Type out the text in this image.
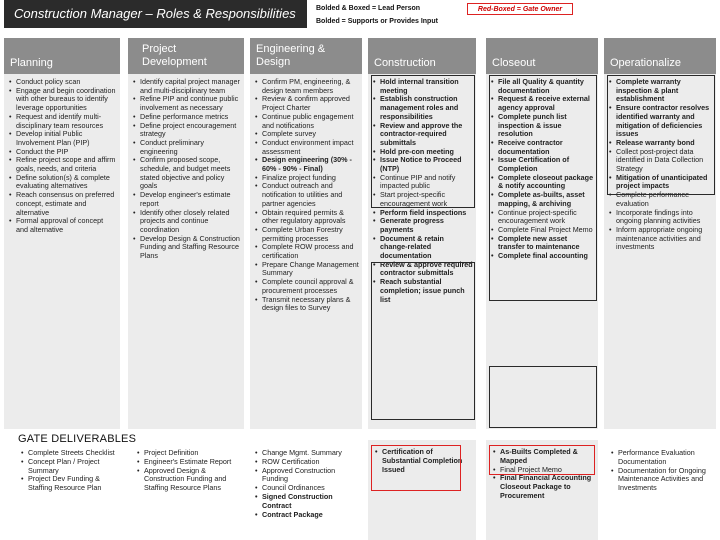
Construction Manager – Roles & Responsibilities	Bolded & Boxed = Lead Person
Bolded = Supports or Provides Input
Red-Boxed = Gate Owner
Planning
• Conduct policy scan
• Engage and begin coordination with other bureaus to identify leverage opportunities
• Request and identify multi-disciplinary team resources
• Develop initial Public Involvement Plan (PIP)
• Conduct the PIP
• Refine project scope and affirm goals, needs, and criteria
• Define solution(s) & complete evaluating alternatives
• Reach consensus on preferred concept, estimate and alternative
• Formal approval of concept and alternative
Project Development
• Identify capital project manager and multi-disciplinary team
• Refine PIP and continue public involvement as necessary
• Define performance metrics
• Define project encouragement strategy
• Conduct preliminary engineering
• Confirm proposed scope, schedule, and budget meets stated objective and policy goals
• Develop engineer's estimate report
• Identify other closely related projects and continue coordination
• Develop Design & Construction Funding and Staffing Resource Plans
Engineering & Design
• Confirm PM, engineering, & design team members
• Review & confirm approved Project Charter
• Continue public engagement and notifications
• Complete survey
• Conduct environment impact assessment
• Design engineering (30% - 60% - 90% - Final)
• Finalize project funding
• Conduct outreach and notification to utilities and partner agencies
• Obtain required permits & other regulatory approvals
• Complete Urban Forestry permitting processes
• Complete ROW process and certification
• Prepare Change Management Summary
• Complete council approval & procurement processes
• Transmit necessary plans & design files to Survey
Construction
• Hold internal transition meeting
• Establish construction management roles and responsibilities
• Review and approve the contractor-required submittals
• Hold pre-con meeting
• Issue Notice to Proceed (NTP)
• Continue PIP and notify impacted public
• Start project-specific encouragement work
• Perform field inspections
• Generate progress payments
• Document & retain change-related documentation
• Review & approve required contractor submittals
• Reach substantial completion; issue punch list
Closeout
• File all Quality & quantity documentation
• Request & receive external agency approval
• Complete punch list inspection & issue resolution
• Receive contractor documentation
• Issue Certification of Completion
• Complete closeout package & notify accounting
• Complete as-builts, asset mapping, & archiving
• Continue project-specific encouragement work
• Complete Final Project Memo
• Complete new asset transfer to maintenance
• Complete final accounting
Operationalize
• Complete warranty inspection & plant establishment
• Ensure contractor resolves identified warranty and mitigation of deficiencies issues
• Release warranty bond
• Collect post-project data identified in Data Collection Strategy
• Mitigation of unanticipated project impacts
• Complete performance evaluation
• Incorporate findings into ongoing planning activities
• Inform appropriate ongoing maintenance activities and investments
GATE DELIVERABLES
• Complete Streets Checklist
• Concept Plan / Project Summary
• Project Dev Funding & Staffing Resource Plan
• Project Definition
• Engineer's Estimate Report
• Approved Design & Construction Funding and Staffing Resource Plans
• Change Mgmt. Summary
• ROW Certification
• Approved Construction Funding
• Council Ordinances
• Signed Construction Contract
• Contract Package
• Certification of Substantial Completion Issued
• As-Builts Completed & Mapped
• Final Project Memo
• Final Financial Accounting Closeout Package to Procurement
• Performance Evaluation Documentation
• Documentation for Ongoing Maintenance Activities and Investments
